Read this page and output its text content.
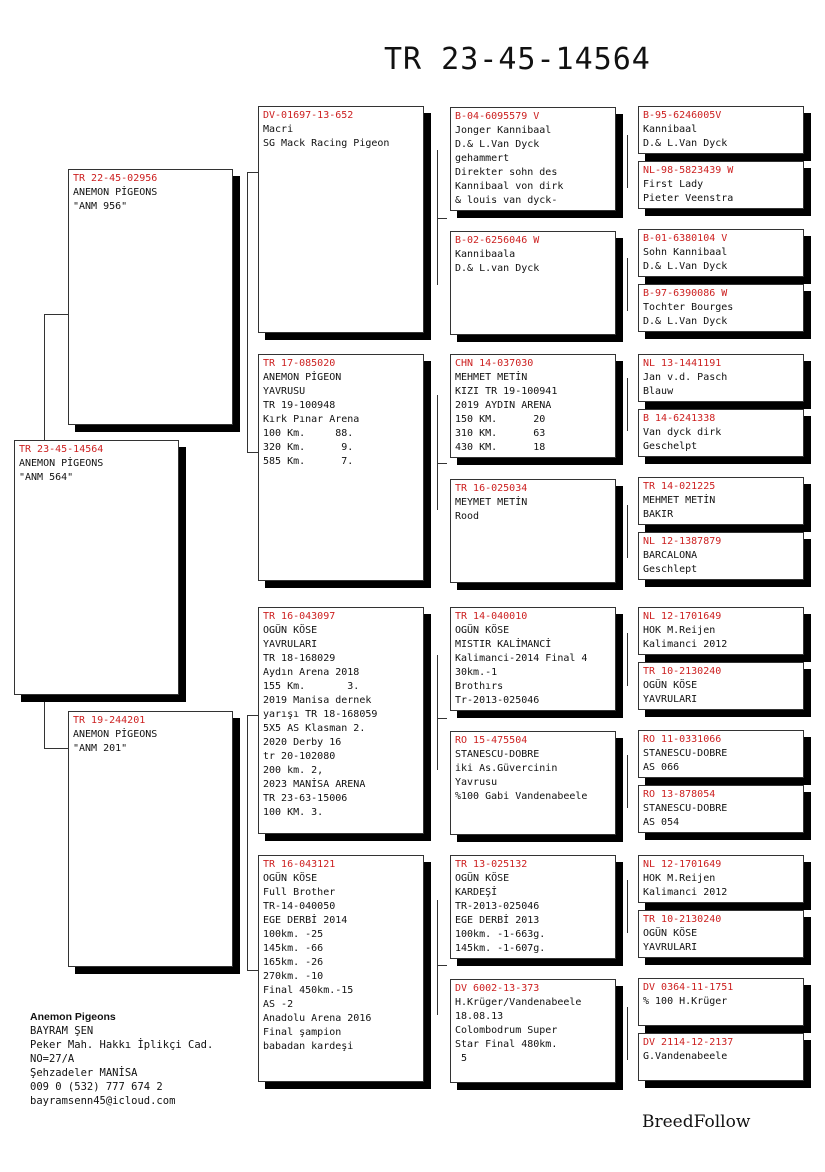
TR 23-45-14564
TR 23-45-14564
ANEMON PİGEONS
"ANM 564"
TR 22-45-02956
ANEMON PİGEONS
"ANM 956"
TR 19-244201
ANEMON PİGEONS
"ANM 201"
DV-01697-13-652
Macri
SG Mack Racing Pigeon
TR 17-085020
ANEMON PİGEON
YAVRUSU
TR 19-100948
Kırk Pınar Arena
100 Km.     88.
320 Km.      9.
585 Km.      7.
TR 16-043097
OGÜN KÖSE
YAVRULARI
TR 18-168029
Aydın Arena 2018
155 Km.       3.
2019 Manisa dernek
yarışı TR 18-168059
5X5 AS Klasman 2.
2020 Derby 16
tr 20-102080
200 km. 2,
2023 MANİSA ARENA
TR 23-63-15006
100 KM. 3.
TR 16-043121
OGÜN KÖSE
Full Brother
TR-14-040050
EGE DERBİ 2014
100km. -25
145km. -66
165km. -26
270km. -10
Final 450km.-15
AS -2
Anadolu Arena 2016
Final şampion
babadan kardeşi
B-04-6095579 V
Jonger Kannibaal
D.& L.Van Dyck
gehammert
Direkter sohn des
Kannibaal von dirk
& louis van dyck-
B-02-6256046 W
Kannibaala
D.& L.van Dyck
CHN 14-037030
MEHMET METİN
KIZI TR 19-100941
2019 AYDIN ARENA
150 KM.      20
310 KM.      63
430 KM.      18
TR 16-025034
MEYMET METİN
Rood
TR 14-040010
OGÜN KÖSE
MISTIR KALİMANCİ
Kalimanci-2014 Final 4
30km.-1
Brothırs
Tr-2013-025046
RO 15-475504
STANESCU-DOBRE
iki As.Güvercinin
Yavrusu
%100 Gabi Vandenabeele
TR 13-025132
OGÜN KÖSE
KARDEŞİ
TR-2013-025046
EGE DERBİ 2013
100km. -1-663g.
145km. -1-607g.
DV 6002-13-373
H.Krüger/Vandenabeele
18.08.13
Colombodrum Super
Star Final 480km.
5
B-95-6246005V
Kannibaal
D.& L.Van Dyck
NL-98-5823439 W
First Lady
Pieter Veenstra
B-01-6380104 V
Sohn Kannibaal
D.& L.Van Dyck
B-97-6390086 W
Tochter Bourges
D.& L.Van Dyck
NL 13-1441191
Jan v.d. Pasch
Blauw
B 14-6241338
Van dyck dirk
Geschelpt
TR 14-021225
MEHMET METİN
BAKIR
NL 12-1387879
BARCALONA
Geschlept
NL 12-1701649
HOK M.Reijen
Kalimanci 2012
TR 10-2130240
OGÜN KÖSE
YAVRULARI
RO 11-0331066
STANESCU-DOBRE
AS 066
RO 13-878054
STANESCU-DOBRE
AS 054
NL 12-1701649
HOK M.Reijen
Kalimanci 2012
TR 10-2130240
OGÜN KÖSE
YAVRULARI
DV 0364-11-1751
% 100 H.Krüger
DV 2114-12-2137
G.Vandenabeele
Anemon Pigeons
BAYRAM ŞEN
Peker Mah. Hakkı İplikçi Cad.
NO=27/A
Şehzadeler MANİSA
009 0 (532) 777 674 2
bayramsenn45@icloud.com
BreedFollow
